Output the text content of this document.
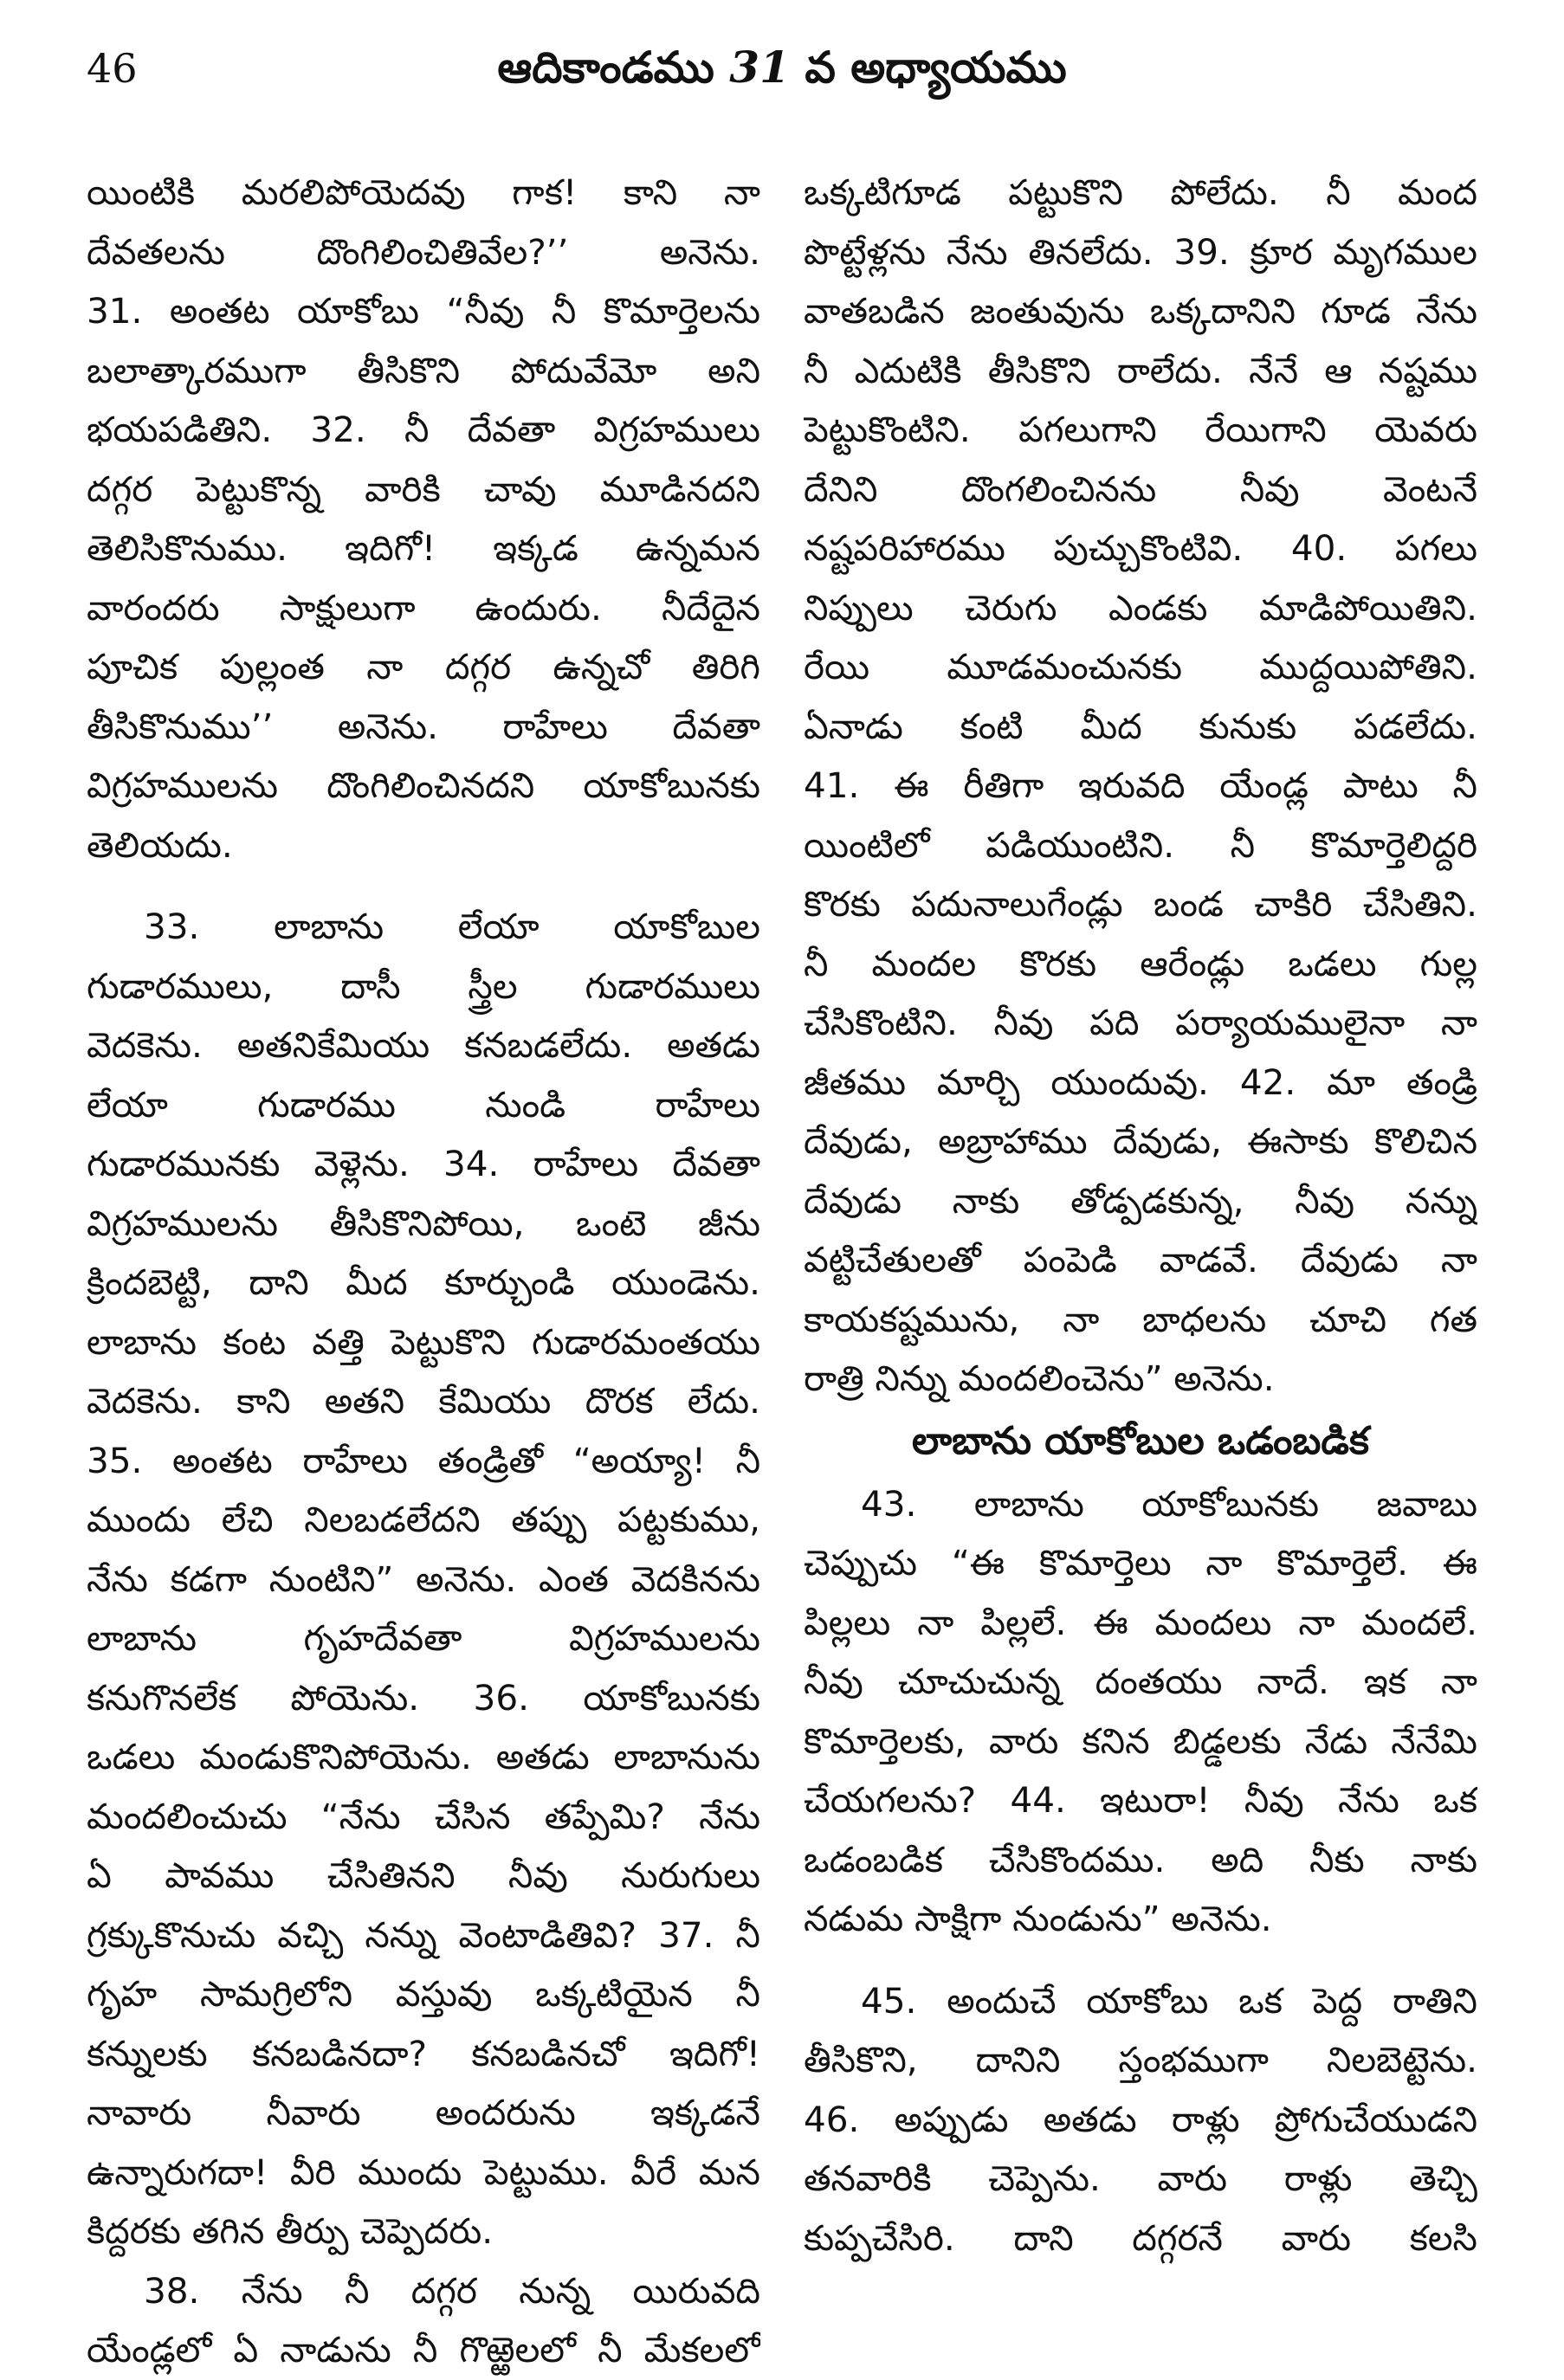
46	ఆదికాండము 31 వ అధ్యాయము
యింటికి మరలిపోయెదవు గాక! కాని నా
దేవతలను దొంగిలించితివేల?’’ అనెను.
31. అంతట యాకోబు “నీవు నీ కొమార్తెలను
బలాత్కారముగా తీసికొని పోదువేమో అని
భయపడితిని. 32. నీ దేవతా విగ్రహములు
దగ్గర పెట్టుకొన్న వారికి చావు మూడినదని
తెలిసికొనుము. ఇదిగో! ఇక్కడ ఉన్నమన
వారందరు సాక్షులుగా ఉందురు. నీదేదైన
పూచిక పుల్లంత నా దగ్గర ఉన్నచో తిరిగి
తీసికొనుము’’ అనెను. రాహేలు దేవతా
విగ్రహములను దొంగిలించినదని యాకోబునకు
తెలియదు.
33. లాబాను లేయా యాకోబుల
గుడారములు, దాసీ స్త్రీల గుడారములు
వెదకెను. అతనికేమియు కనబడలేదు. అతడు
లేయా గుడారము నుండి రాహేలు
గుడారమునకు వెళ్లెను. 34. రాహేలు దేవతా
విగ్రహములను తీసికొనిపోయి, ఒంటె జీను
క్రిందబెట్టి, దాని మీద కూర్చుండి యుండెను.
లాబాను కంట వత్తి పెట్టుకొని గుడారమంతయు
వెదకెను. కాని అతని కేమియు దొరక లేదు.
35. అంతట రాహేలు తండ్రితో “అయ్యా! నీ
ముందు లేచి నిలబడలేదని తప్పు పట్టకుము,
నేను కడగా నుంటిని” అనెను. ఎంత వెదకినను
లాబాను గృహదేవతా విగ్రహములను
కనుగొనలేక పోయెను. 36. యాకోబునకు
ఒడలు మండుకొనిపోయెను. అతడు లాబానును
మందలించుచు “నేను చేసిన తప్పేమి? నేను
ఏ పావము చేసితినని నీవు నురుగులు
గ్రక్కుకొనుచు వచ్చి నన్ను వెంటాడితివి? 37. నీ
గృహ సామగ్రిలోని వస్తువు ఒక్కటియైన నీ
కన్నులకు కనబడినదా? కనబడినచో ఇదిగో!
నావారు నీవారు అందరును ఇక్కడనే
ఉన్నారుగదా! వీరి ముందు పెట్టుము. వీరే మన
కిద్దరకు తగిన తీర్పు చెప్పెదరు.
38. నేను నీ దగ్గర నున్న యిరువది
యేండ్లలో ఏ నాడును నీ గొఱ్ఱెలలో నీ మేకలలో
ఒక్కటిగూడ పట్టుకొని పోలేదు. నీ మంద
పొట్టేళ్లను నేను తినలేదు. 39. క్రూర మృగముల
వాతబడిన జంతువును ఒక్కదానిని గూడ నేను
నీ ఎదుటికి తీసికొని రాలేదు. నేనే ఆ నష్టము
పెట్టుకొంటిని. పగలుగాని రేయిగాని యెవరు
దేనిని దొంగలించినను నీవు వెంటనే
నష్టపరిహారము పుచ్చుకొంటివి. 40. పగలు
నిప్పులు చెరుగు ఎండకు మాడిపోయితిని.
రేయి మూడమంచునకు ముద్దయిపోతిని.
ఏనాడు కంటి మీద కునుకు పడలేదు.
41. ఈ రీతిగా ఇరువది యేండ్ల పాటు నీ
యింటిలో పడియుంటిని. నీ కొమార్తెలిద్దరి
కొరకు పదునాలుగేండ్లు బండ చాకిరి చేసితిని.
నీ మందల కొరకు ఆరేండ్లు ఒడలు గుల్ల
చేసికొంటిని. నీవు పది పర్యాయములైనా నా
జీతము మార్చి యుందువు. 42. మా తండ్రి
దేవుడు, అబ్రాహాము దేవుడు, ఈసాకు కొలిచిన
దేవుడు నాకు తోడ్పడకున్న, నీవు నన్ను
వట్టిచేతులతో పంపెడి వాడవే. దేవుడు నా
కాయకష్టమును, నా బాధలను చూచి గత
రాత్రి నిన్ను మందలించెను” అనెను.
లాబాను యాకోబుల ఒడంబడిక
43. లాబాను యాకోబునకు జవాబు
చెప్పుచు “ఈ కొమార్తెలు నా కొమార్తెలే. ఈ
పిల్లలు నా పిల్లలే. ఈ మందలు నా మందలే.
నీవు చూచుచున్న దంతయు నాదే. ఇక నా
కొమార్తెలకు, వారు కనిన బిడ్డలకు నేడు నేనేమి
చేయగలను? 44. ఇటురా! నీవు నేను ఒక
ఒడంబడిక చేసికొందము. అది నీకు నాకు
నడుమ సాక్షిగా నుండును” అనెను.
45. అందుచే యాకోబు ఒక పెద్ద రాతిని
తీసికొని, దానిని స్తంభముగా నిలబెట్టెను.
46. అప్పుడు అతడు రాళ్లు ప్రోగుచేయుడని
తనవారికి చెప్పెను. వారు రాళ్లు తెచ్చి
కుప్పచేసిరి. దాని దగ్గరనే వారు కలసి
